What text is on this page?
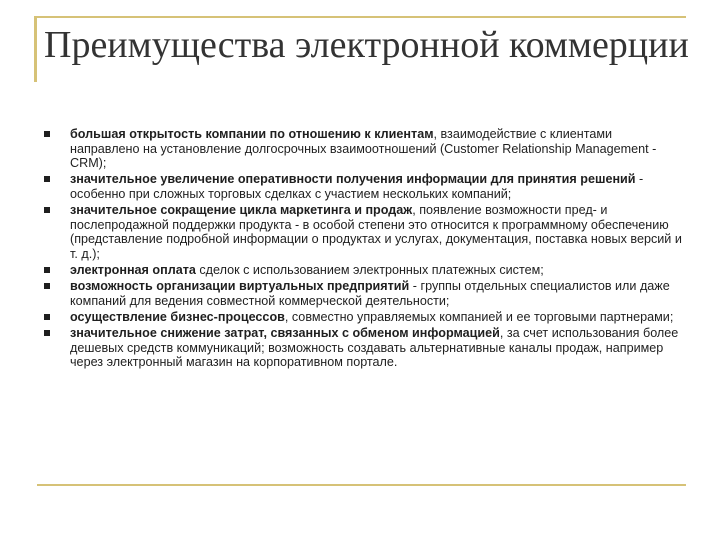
Преимущества электронной коммерции
большая открытость компании по отношению к клиентам, взаимодействие с клиентами направлено на установление долгосрочных взаимоотношений (Customer Relationship Management - CRM);
значительное увеличение оперативности получения информации для принятия решений - особенно при сложных торговых сделках с участием нескольких компаний;
значительное сокращение цикла маркетинга и продаж, появление возможности пред- и послепродажной поддержки продукта - в особой степени это относится к программному обеспечению (представление подробной информации о продуктах и услугах, документация, поставка новых версий и т. д.);
электронная оплата сделок с использованием электронных платежных систем;
возможность организации виртуальных предприятий - группы отдельных специалистов или даже компаний для ведения совместной коммерческой деятельности;
осуществление бизнес-процессов, совместно управляемых компанией и ее торговыми партнерами;
значительное снижение затрат, связанных с обменом информацией, за счет использования более дешевых средств коммуникаций; возможность создавать альтернативные каналы продаж, например через электронный магазин на корпоративном портале.
